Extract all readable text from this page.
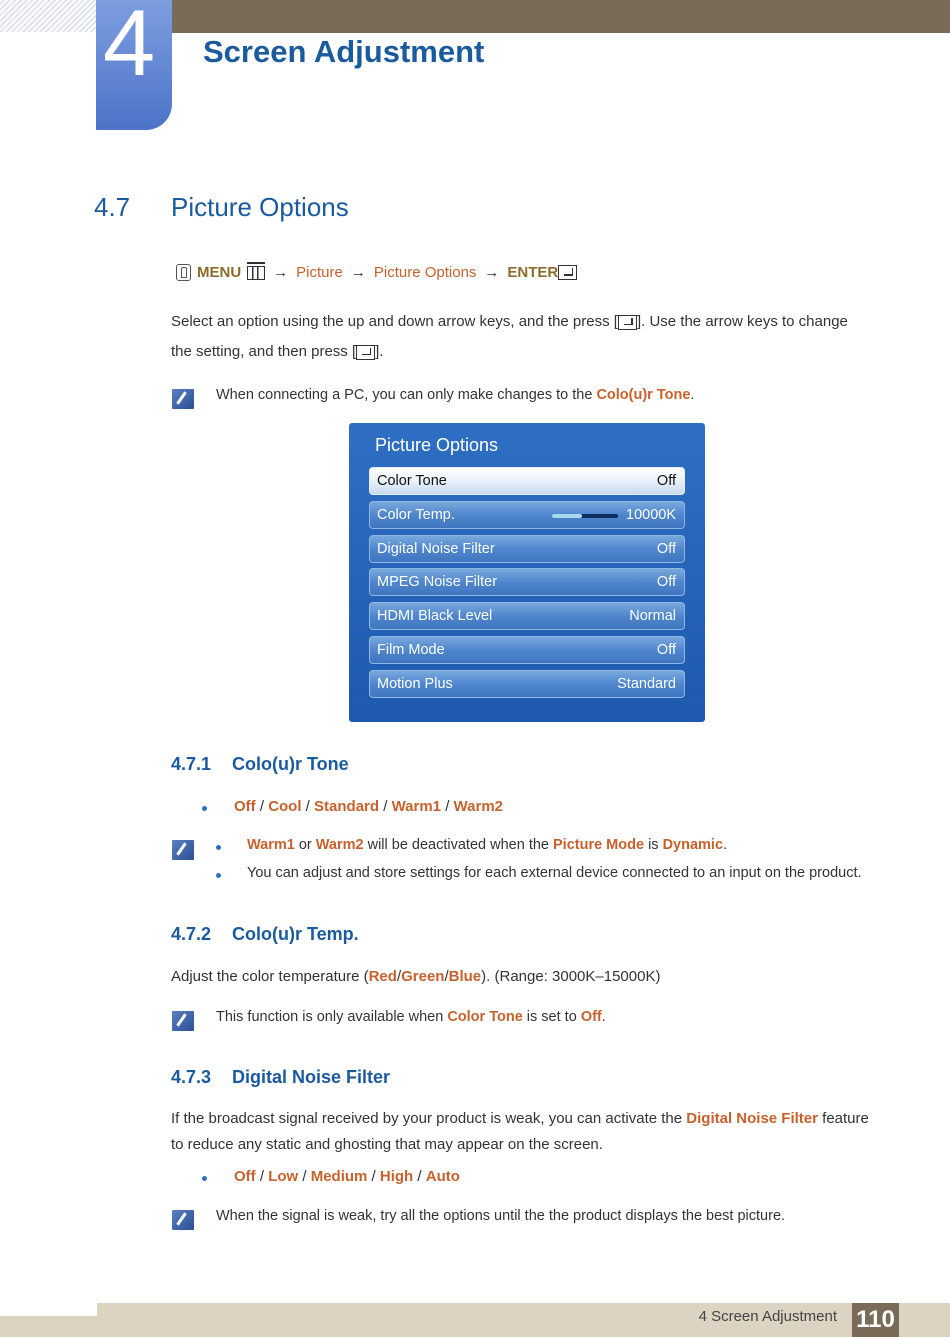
4 Screen Adjustment
4.7 Picture Options
MENU → Picture → Picture Options → ENTER
Select an option using the up and down arrow keys, and the press [ ]. Use the arrow keys to change
the setting, and then press [ ].
When connecting a PC, you can only make changes to the Colo(u)r Tone.
Picture Options
Color Tone	Off
Color Temp.	10000K
Digital Noise Filter	Off
MPEG Noise Filter	Off
HDMI Black Level	Normal
Film Mode	Off
Motion Plus	Standard
4.7.1 Colo(u)r Tone
Off / Cool / Standard / Warm1 / Warm2
Warm1 or Warm2 will be deactivated when the Picture Mode is Dynamic.
You can adjust and store settings for each external device connected to an input on the product.
4.7.2 Colo(u)r Temp.
Adjust the color temperature (Red/Green/Blue). (Range: 3000K–15000K)
This function is only available when Color Tone is set to Off.
4.7.3 Digital Noise Filter
If the broadcast signal received by your product is weak, you can activate the Digital Noise Filter feature
to reduce any static and ghosting that may appear on the screen.
Off / Low / Medium / High / Auto
When the signal is weak, try all the options until the the product displays the best picture.
4 Screen Adjustment 110
